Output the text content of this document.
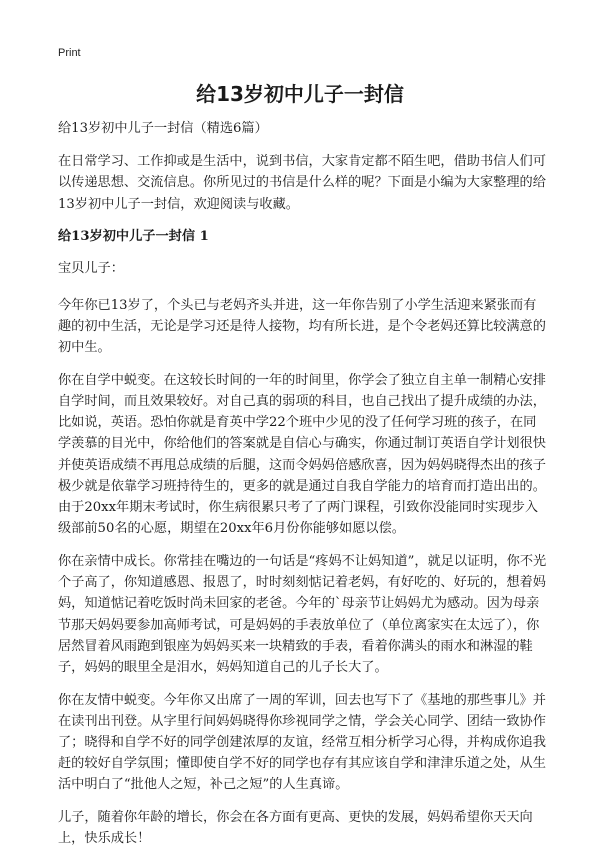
Print
给13岁初中儿子一封信

给13岁初中儿子一封信（精选6篇）

在日常学习、工作抑或是生活中，说到书信，大家肯定都不陌生吧，借助书信人们可以传递思想、交流信息。你所见过的书信是什么样的呢？下面是小编为大家整理的给13岁初中儿子一封信，欢迎阅读与收藏。

给13岁初中儿子一封信 1

宝贝儿子：

今年你已13岁了，个头已与老妈齐头并进，这一年你告别了小学生活迎来紧张而有趣的初中生活，无论是学习还是待人接物，均有所长进，是个令老妈还算比较满意的初中生。

你在自学中蜕变。在这较长时间的一年的时间里，你学会了独立自主单一制精心安排自学时间，而且效果较好。对自己真的弱项的科目，也自己找出了提升成绩的办法，比如说，英语。恐怕你就是育英中学22个班中少见的没了任何学习班的孩子，在同学羡慕的目光中，你给他们的答案就是自信心与确实，你通过制订英语自学计划很快并使英语成绩不再甩总成绩的后腿，这而令妈妈倍感欣喜，因为妈妈晓得杰出的孩子极少就是依靠学习班持待生的，更多的就是通过自我自学能力的培育而打造出出的。由于20xx年期末考试时，你生病很累只考了了两门课程，引致你没能同时实现步入级部前50名的心愿，期望在20xx年6月份你能够如愿以偿。

你在亲情中成长。你常挂在嘴边的一句话是“疼妈不让妈知道”，就足以证明，你不光个子高了，你知道感恩、报恩了，时时刻刻惦记着老妈，有好吃的、好玩的，想着妈妈，知道惦记着吃饭时尚未回家的老爸。今年的`母亲节让妈妈尤为感动。因为母亲节那天妈妈要参加高师考试，可是妈妈的手表放单位了（单位离家实在太远了），你居然冒着风雨跑到银座为妈妈买来一块精致的手表，看着你满头的雨水和淋湿的鞋子，妈妈的眼里全是泪水，妈妈知道自己的儿子长大了。

你在友情中蜕变。今年你又出席了一周的军训，回去也写下了《基地的那些事儿》并在读刊出刊登。从字里行间妈妈晓得你珍视同学之情，学会关心同学、团结一致协作了；晓得和自学不好的同学创建浓厚的友谊，经常互相分析学习心得，并构成你追我赶的较好自学氛围；懂即使自学不好的同学也存有其应该自学和津津乐道之处，从生活中明白了“批他人之短，补己之短”的人生真谛。

儿子，随着你年龄的增长，你会在各方面有更高、更快的发展，妈妈希望你天天向上，快乐成长！
